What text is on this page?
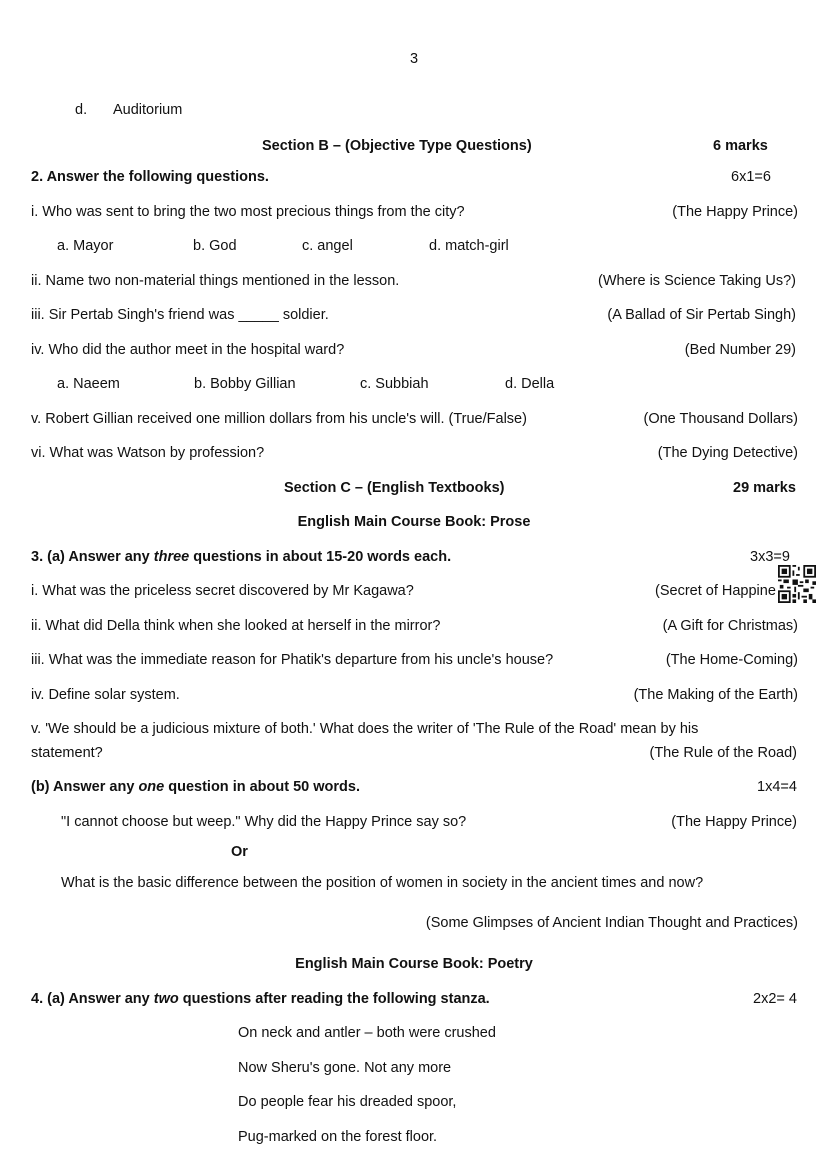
3
d. Auditorium
Section B – (Objective Type Questions)	6 marks
2. Answer the following questions.	6x1=6
i. Who was sent to bring the two most precious things from the city?	(The Happy Prince)
a. Mayor	b. God	c. angel	d. match-girl
ii. Name two non-material things mentioned in the lesson.	(Where is Science Taking Us?)
iii. Sir Pertab Singh's friend was _____ soldier.	(A Ballad of Sir Pertab Singh)
iv. Who did the author meet in the hospital ward?	(Bed Number 29)
a. Naeem	b. Bobby Gillian	c. Subbiah	d. Della
v. Robert Gillian received one million dollars from his uncle's will. (True/False)	(One Thousand Dollars)
vi. What was Watson by profession?	(The Dying Detective)
Section C – (English Textbooks)	29 marks
English Main Course Book: Prose
3. (a) Answer any three questions in about 15-20 words each.	3x3=9
i. What was the priceless secret discovered by Mr Kagawa?	(Secret of Happine
ii. What did Della think when she looked at herself in the mirror?	(A Gift for Christmas)
iii. What was the immediate reason for Phatik's departure from his uncle's house?	(The Home-Coming)
iv. Define solar system.	(The Making of the Earth)
v. 'We should be a judicious mixture of both.' What does the writer of 'The Rule of the Road' mean by his
statement?	(The Rule of the Road)
(b) Answer any one question in about 50 words.	1x4=4
"I cannot choose but weep." Why did the Happy Prince say so?	(The Happy Prince)
Or
What is the basic difference between the position of women in society in the ancient times and now?
(Some Glimpses of Ancient Indian Thought and Practices)
English Main Course Book: Poetry
4. (a) Answer any two questions after reading the following stanza.	2x2= 4
On neck and antler – both were crushed
Now Sheru's gone. Not any more
Do people fear his dreaded spoor,
Pug-marked on the forest floor.
